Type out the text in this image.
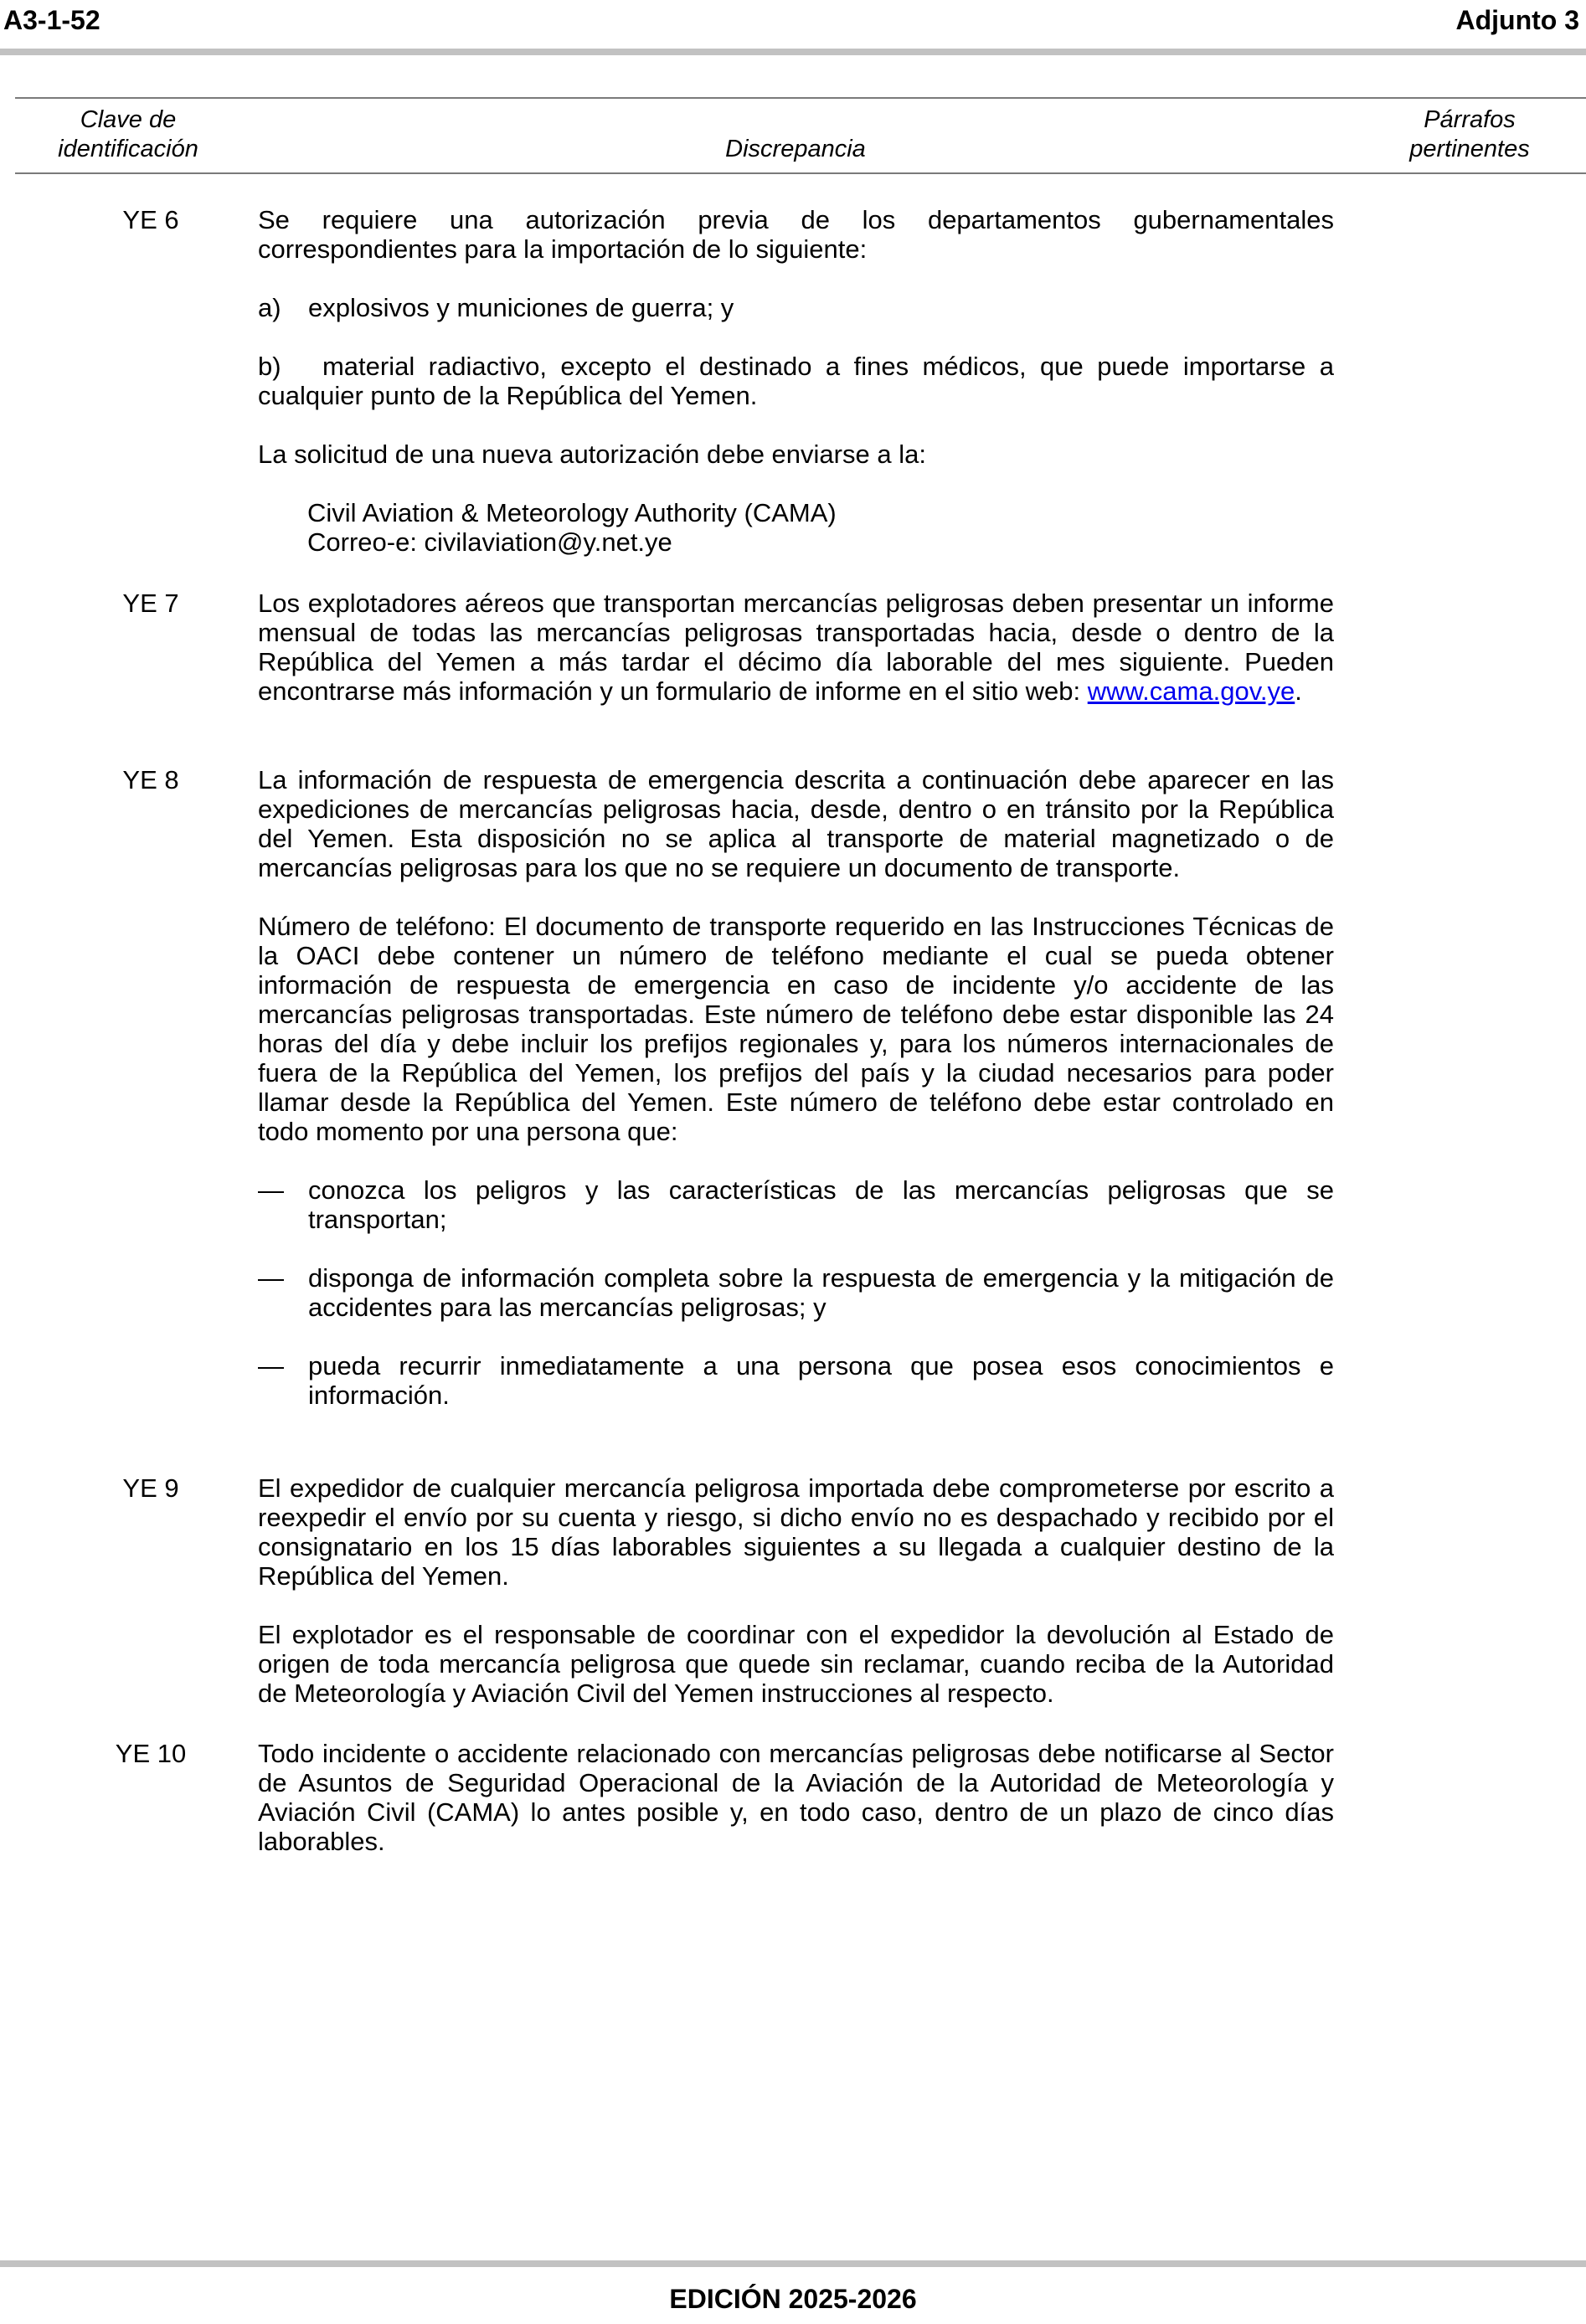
A3-1-52	Adjunto 3
Clave de
identificación	Discrepancia
Párrafos
pertinentes
YE 6	Se requiere una autorización previa de los departamentos gubernamentales correspondientes para la importación de lo siguiente:

a)	explosivos y municiones de guerra; y

b) material radiactivo, excepto el destinado a fines médicos, que puede importarse a cualquier punto de la República del Yemen.

La solicitud de una nueva autorización debe enviarse a la:

Civil Aviation & Meteorology Authority (CAMA)
Correo-e: civilaviation@y.net.ye
YE 7	Los explotadores aéreos que transportan mercancías peligrosas deben presentar un informe mensual de todas las mercancías peligrosas transportadas hacia, desde o dentro de la República del Yemen a más tardar el décimo día laborable del mes siguiente. Pueden encontrarse más información y un formulario de informe en el sitio web: www.cama.gov.ye.

YE 8	La información de respuesta de emergencia descrita a continuación debe aparecer en las expediciones de mercancías peligrosas hacia, desde, dentro o en tránsito por la República del Yemen. Esta disposición no se aplica al transporte de material magnetizado o de mercancías peligrosas para los que no se requiere un documento de transporte.

Número de teléfono: El documento de transporte requerido en las Instrucciones Técnicas de la OACI debe contener un número de teléfono mediante el cual se pueda obtener información de respuesta de emergencia en caso de incidente y/o accidente de las mercancías peligrosas transportadas. Este número de teléfono debe estar disponible las 24 horas del día y debe incluir los prefijos regionales y, para los números internacionales de fuera de la República del Yemen, los prefijos del país y la ciudad necesarios para poder llamar desde la República del Yemen. Este número de teléfono debe estar controlado en todo momento por una persona que:

— conozca los peligros y las características de las mercancías peligrosas que se transportan;
— disponga de información completa sobre la respuesta de emergencia y la mitigación de accidentes para las mercancías peligrosas; y
— pueda recurrir inmediatamente a una persona que posea esos conocimientos e información.
YE 9	El expedidor de cualquier mercancía peligrosa importada debe comprometerse por escrito a reexpedir el envío por su cuenta y riesgo, si dicho envío no es despachado y recibido por el consignatario en los 15 días laborables siguientes a su llegada a cualquier destino de la República del Yemen.

El explotador es el responsable de coordinar con el expedidor la devolución al Estado de origen de toda mercancía peligrosa que quede sin reclamar, cuando reciba de la Autoridad de Meteorología y Aviación Civil del Yemen instrucciones al respecto.

YE 10	Todo incidente o accidente relacionado con mercancías peligrosas debe notificarse al Sector de Asuntos de Seguridad Operacional de la Aviación de la Autoridad de Meteorología y Aviación Civil (CAMA) lo antes posible y, en todo caso, dentro de un plazo de cinco días laborables.

EDICIÓN 2025-2026
